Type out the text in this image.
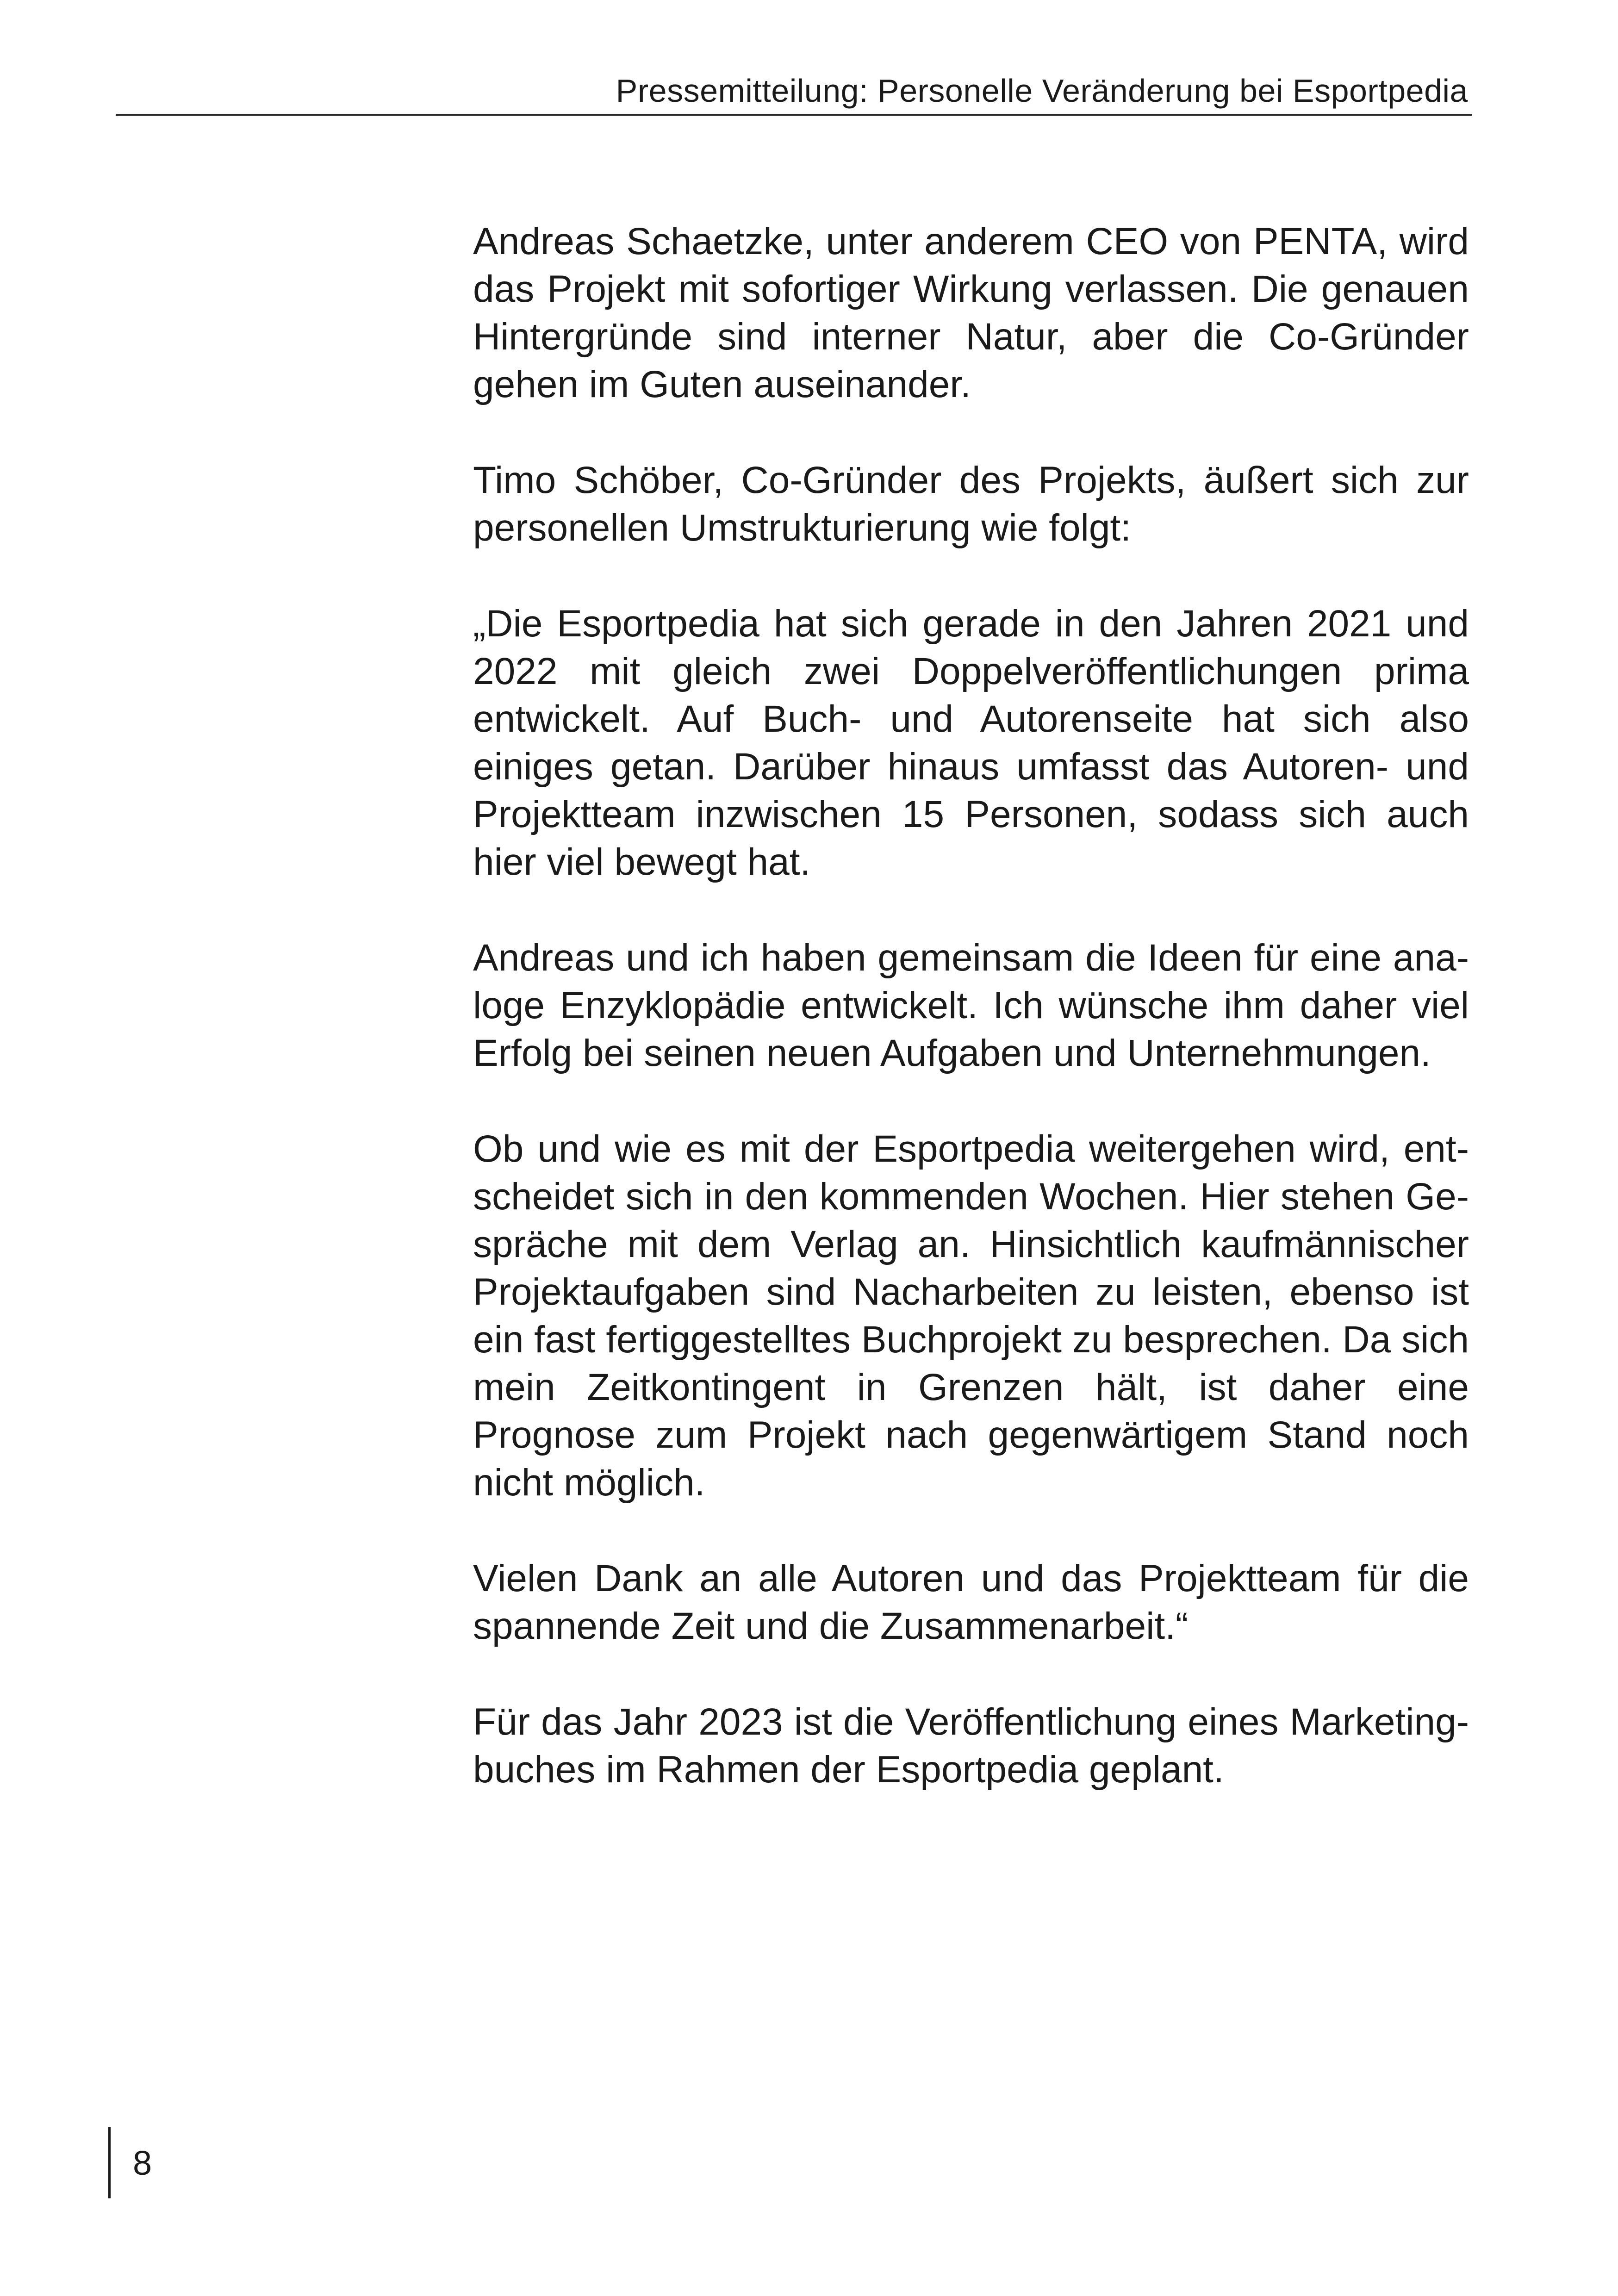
Pressemitteilung: Personelle Veränderung bei Esportpedia

Andreas Schaetzke, unter anderem CEO von PENTA, wird das Projekt mit sofortiger Wirkung verlassen. Die genauen Hintergründe sind interner Natur, aber die Co-Gründer gehen im Guten auseinander.

Timo Schöber, Co-Gründer des Projekts, äußert sich zur personellen Umstrukturierung wie folgt:

„Die Esportpedia hat sich gerade in den Jahren 2021 und 2022 mit gleich zwei Doppelveröffentlichungen prima entwickelt. Auf Buch- und Autorenseite hat sich also einiges getan. Darüber hinaus umfasst das Autoren- und Projektteam inzwischen 15 Personen, sodass sich auch hier viel bewegt hat.

Andreas und ich haben gemeinsam die Ideen für eine analoge Enzyklopädie entwickelt. Ich wünsche ihm daher viel Erfolg bei seinen neuen Aufgaben und Unternehmungen.

Ob und wie es mit der Esportpedia weitergehen wird, entscheidet sich in den kommenden Wochen. Hier stehen Gespräche mit dem Verlag an. Hinsichtlich kaufmännischer Projektaufgaben sind Nacharbeiten zu leisten, ebenso ist ein fast fertiggestelltes Buchprojekt zu besprechen. Da sich mein Zeitkontingent in Grenzen hält, ist daher eine Prognose zum Projekt nach gegenwärtigem Stand noch nicht möglich.

Vielen Dank an alle Autoren und das Projektteam für die spannende Zeit und die Zusammenarbeit.“

Für das Jahr 2023 ist die Veröffentlichung eines Marketingbuches im Rahmen der Esportpedia geplant.

8
